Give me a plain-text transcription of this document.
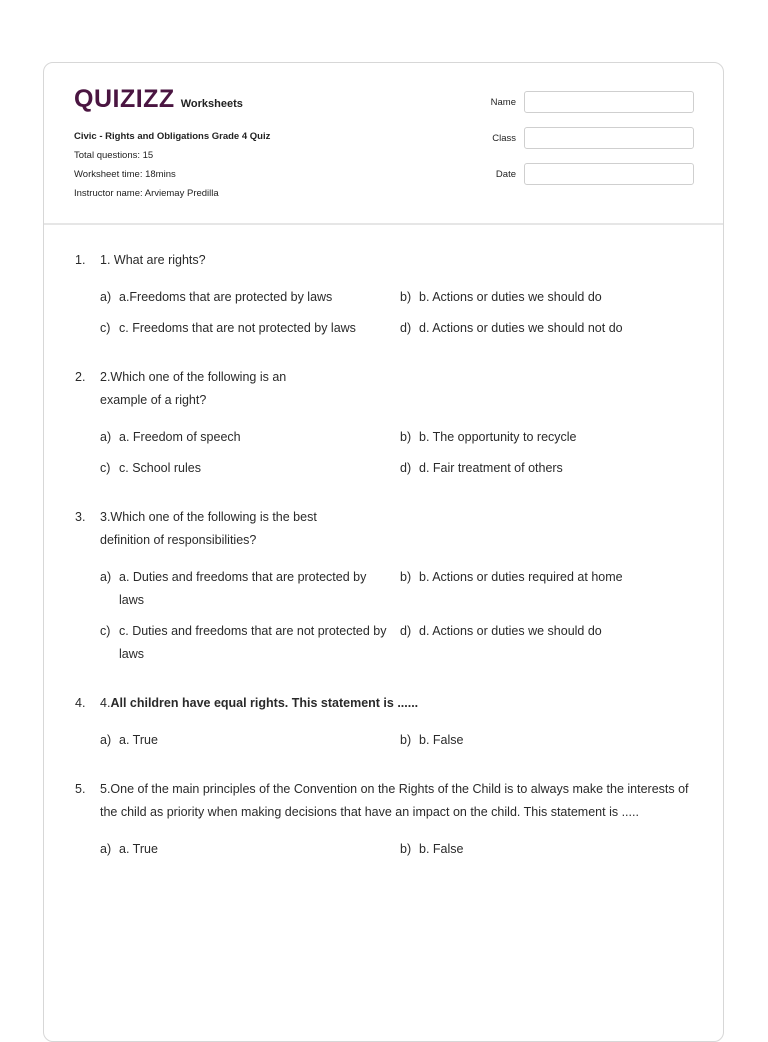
QUIZIZZ Worksheets
Civic - Rights and Obligations Grade 4 Quiz
Total questions: 15
Worksheet time: 18mins
Instructor name: Arviemay Predilla
Name
Class
Date
1.	1. What are rights?
a) a.Freedoms that are protected by laws	b) b. Actions or duties we should do
c) c. Freedoms that are not protected by laws	d) d. Actions or duties we should not do
2.	2.Which one of the following is an example of a right?
a) a. Freedom of speech	b) b. The opportunity to recycle
c) c. School rules	d) d. Fair treatment of others
3.	3.Which one of the following is the best definition of responsibilities?
a) a. Duties and freedoms that are protected by laws
b) b. Actions or duties required at home
c) c. Duties and freedoms that are not protected by laws
d) d. Actions or duties we should do
4.	4.All children have equal rights. This statement is ......
a) a. True	b) b. False
5.	5.One of the main principles of the Convention on the Rights of the Child is to always make the interests of the child as priority when making decisions that have an impact on the child. This statement is .....
a) a. True	b) b. False
